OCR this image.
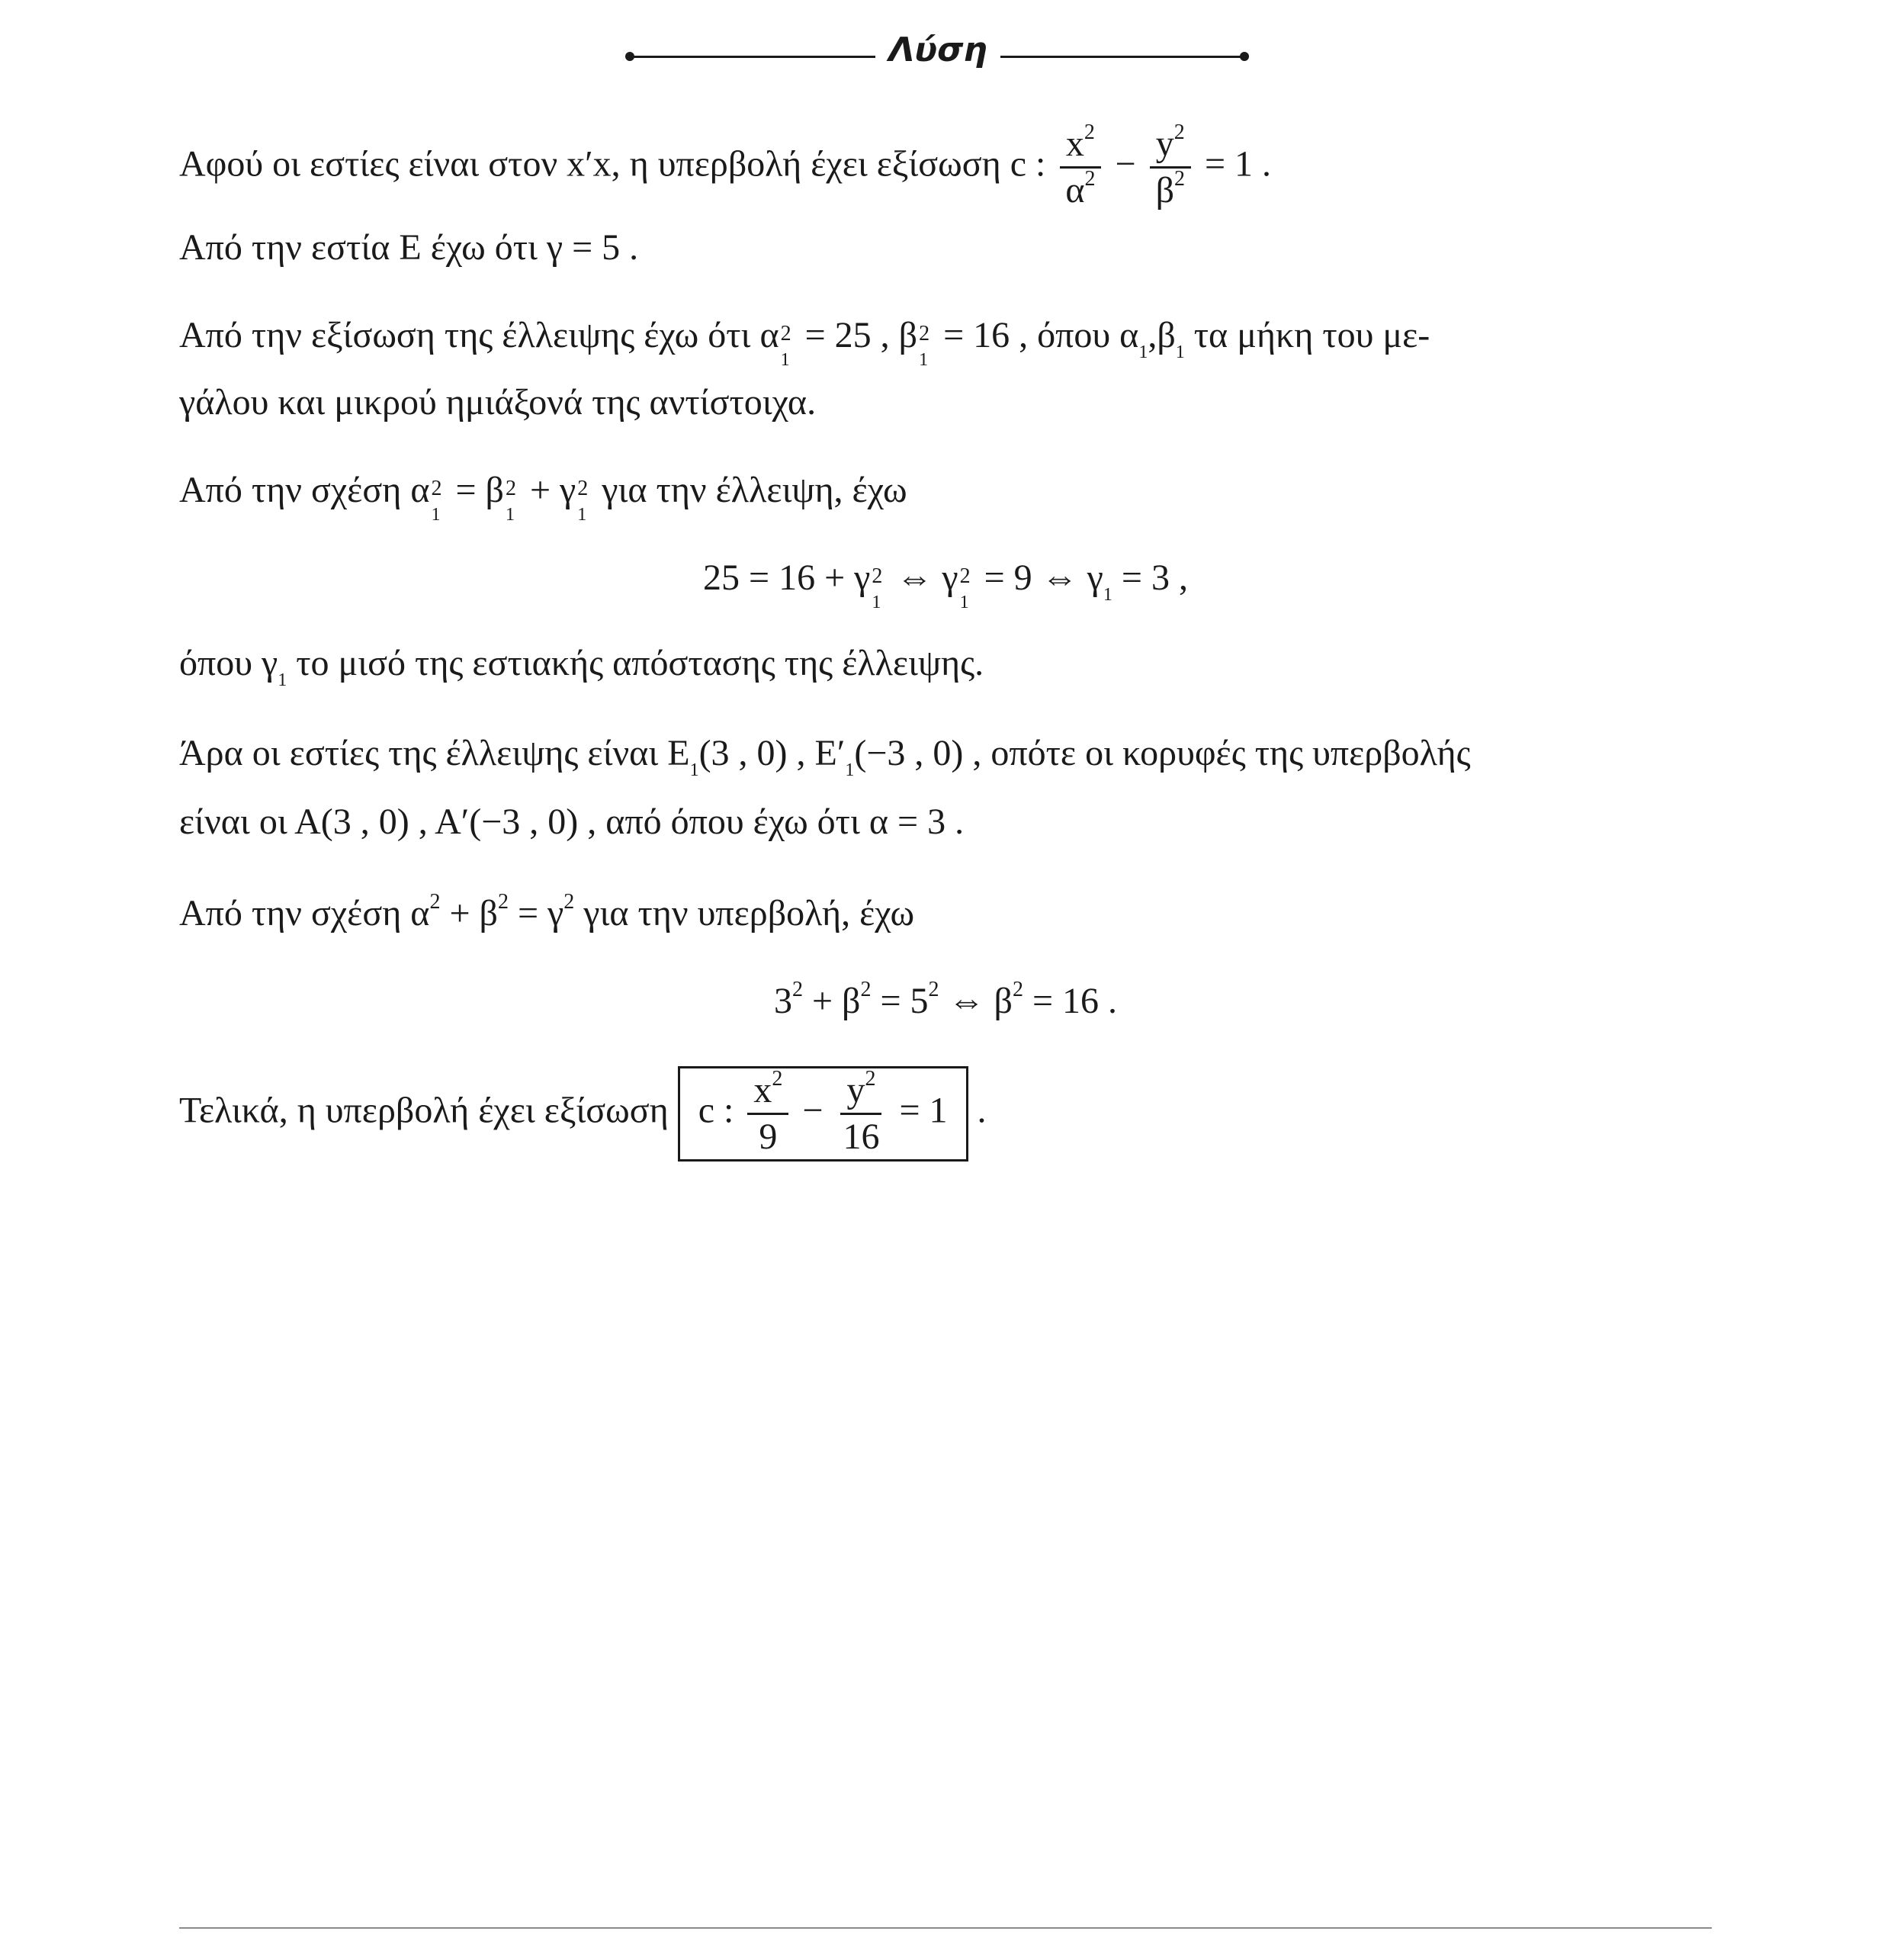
Λύση
Αφού οι εστίες είναι στον x′x, η υπερβολή έχει εξίσωση c : $\frac{x^2}{\alpha^2} - \frac{y^2}{\beta^2} = 1$ .
Από την εστία Ε έχω ότι γ = 5 .
Από την εξίσωση της έλλειψης έχω ότι α 2
1
= 25 , β 2
1
= 16 , όπου $\alpha_1,\beta_1$ τα μήκη του με-
γάλου και μικρού ημιάξονά της αντίστοιχα.
Από την σχέση α 2
1
= β 2
1
+ γ 2
1
για την έλλειψη, έχω
25 = 16 + γ 2
1
⇔ γ 2
1
= 9 ⇔ $\gamma_1 = 3$ ,
όπου $\gamma_1$ το μισό της εστιακής απόστασης της έλλειψης.
Άρα οι εστίες της έλλειψης είναι $E_1(3$ , 0) , $E'_1(-3$ , 0) , οπότε οι κορυφές της υπερβολής
είναι οι Α(3 , 0) , Α′(−3 , 0) , από όπου έχω ότι α = 3 .
Από την σχέση $\alpha^2 + \beta^2 = \gamma^2$ για την υπερβολή, έχω
$3^2 + \beta^2 = 5^2$ ⇔ $\beta^2 = 16$ .
Τελικά, η υπερβολή έχει εξίσωση c : $\frac{x^2}{9} - \frac{y^2}{16} = 1$ .
